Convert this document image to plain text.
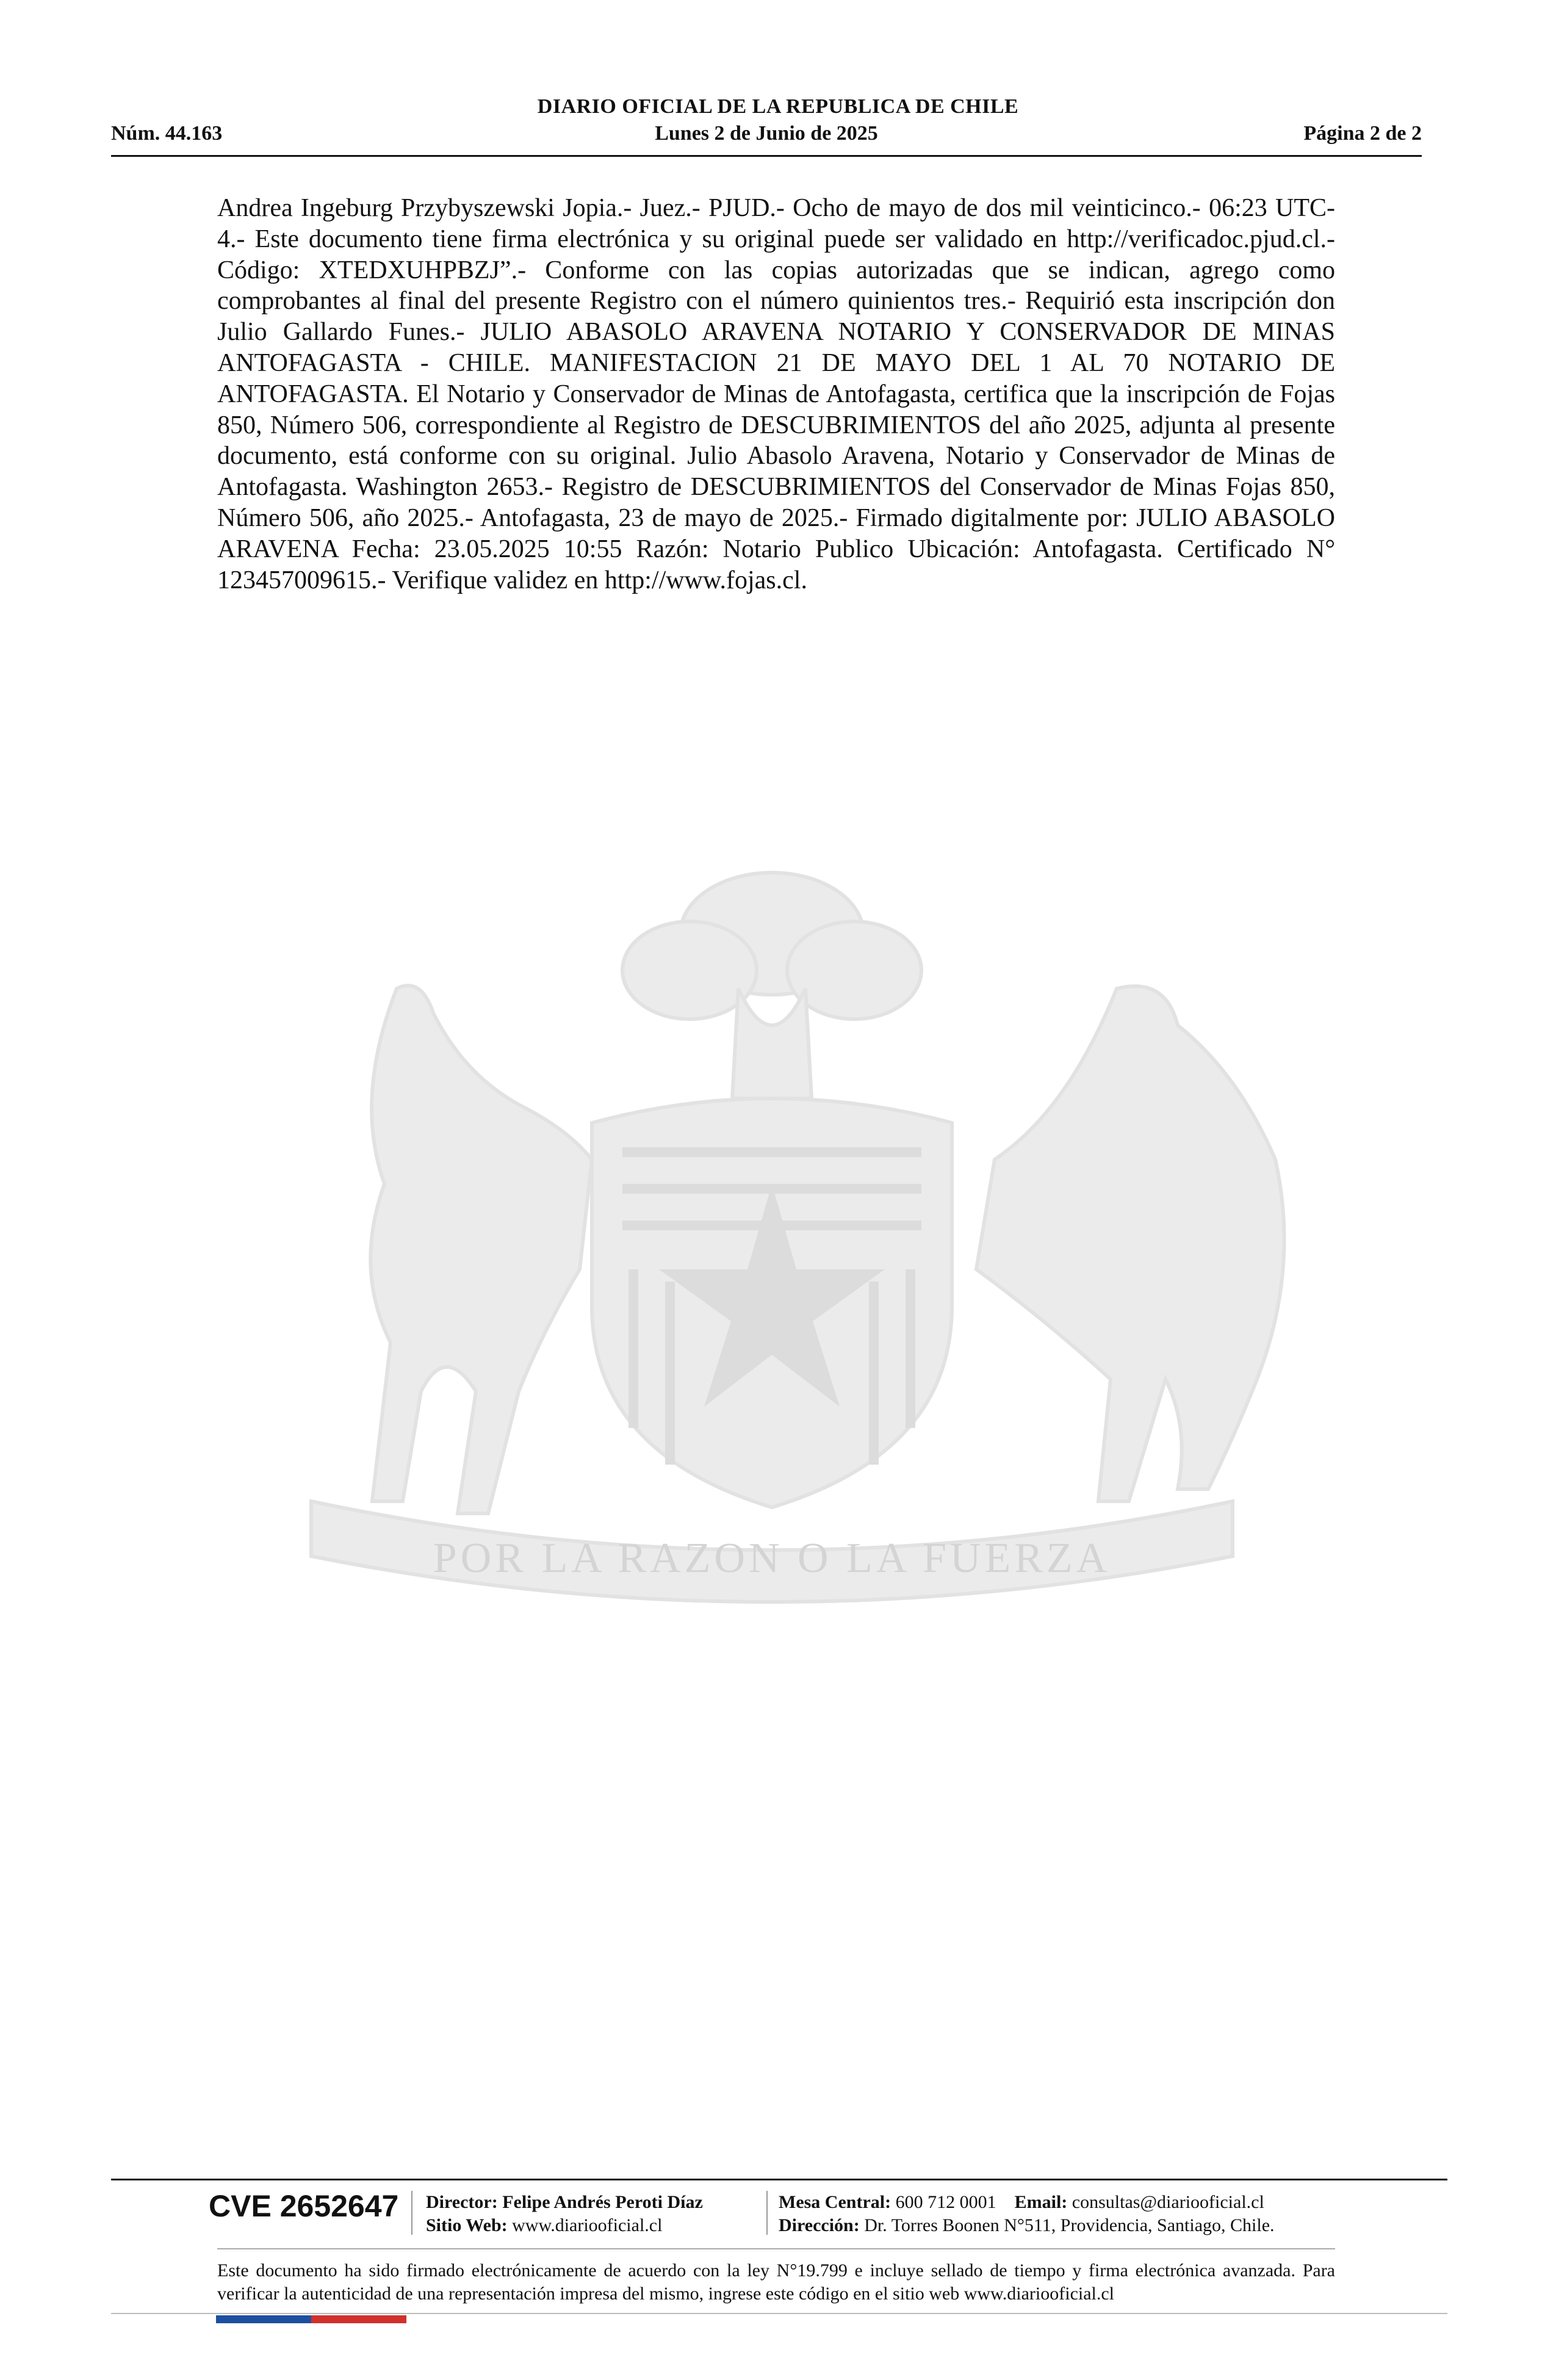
DIARIO OFICIAL DE LA REPUBLICA DE CHILE
Núm. 44.163	Lunes 2 de Junio de 2025	Página 2 de 2
POR LA RAZON O LA FUERZA
Andrea Ingeburg Przybyszewski Jopia.- Juez.- PJUD.- Ocho de mayo de dos mil veinticinco.- 06:23 UTC-4.- Este documento tiene firma electrónica y su original puede ser validado en http://verificadoc.pjud.cl.- Código: XTEDXUHPBZJ”.- Conforme con las copias autorizadas que se indican, agrego como comprobantes al final del presente Registro con el número quinientos tres.- Requirió esta inscripción don Julio Gallardo Funes.- JULIO ABASOLO ARAVENA NOTARIO Y CONSERVADOR DE MINAS ANTOFAGASTA - CHILE. MANIFESTACION 21 DE MAYO DEL 1 AL 70 NOTARIO DE ANTOFAGASTA. El Notario y Conservador de Minas de Antofagasta, certifica que la inscripción de Fojas 850, Número 506, correspondiente al Registro de DESCUBRIMIENTOS del año 2025, adjunta al presente documento, está conforme con su original. Julio Abasolo Aravena, Notario y Conservador de Minas de Antofagasta. Washington 2653.- Registro de DESCUBRIMIENTOS del Conservador de Minas Fojas 850, Número 506, año 2025.- Antofagasta, 23 de mayo de 2025.- Firmado digitalmente por: JULIO ABASOLO ARAVENA Fecha: 23.05.2025 10:55 Razón: Notario Publico Ubicación: Antofagasta. Certificado N° 123457009615.- Verifique validez en http://www.fojas.cl.
CVE 2652647 Director: Felipe Andrés Peroti Díaz
Sitio Web: www.diariooficial.cl
Mesa Central: 600 712 0001 Email: consultas@diariooficial.cl
Dirección: Dr. Torres Boonen N°511, Providencia, Santiago, Chile.
Este documento ha sido firmado electrónicamente de acuerdo con la ley N°19.799 e incluye sellado de tiempo y firma electrónica avanzada. Para verificar la autenticidad de una representación impresa del mismo, ingrese este código en el sitio web www.diariooficial.cl
